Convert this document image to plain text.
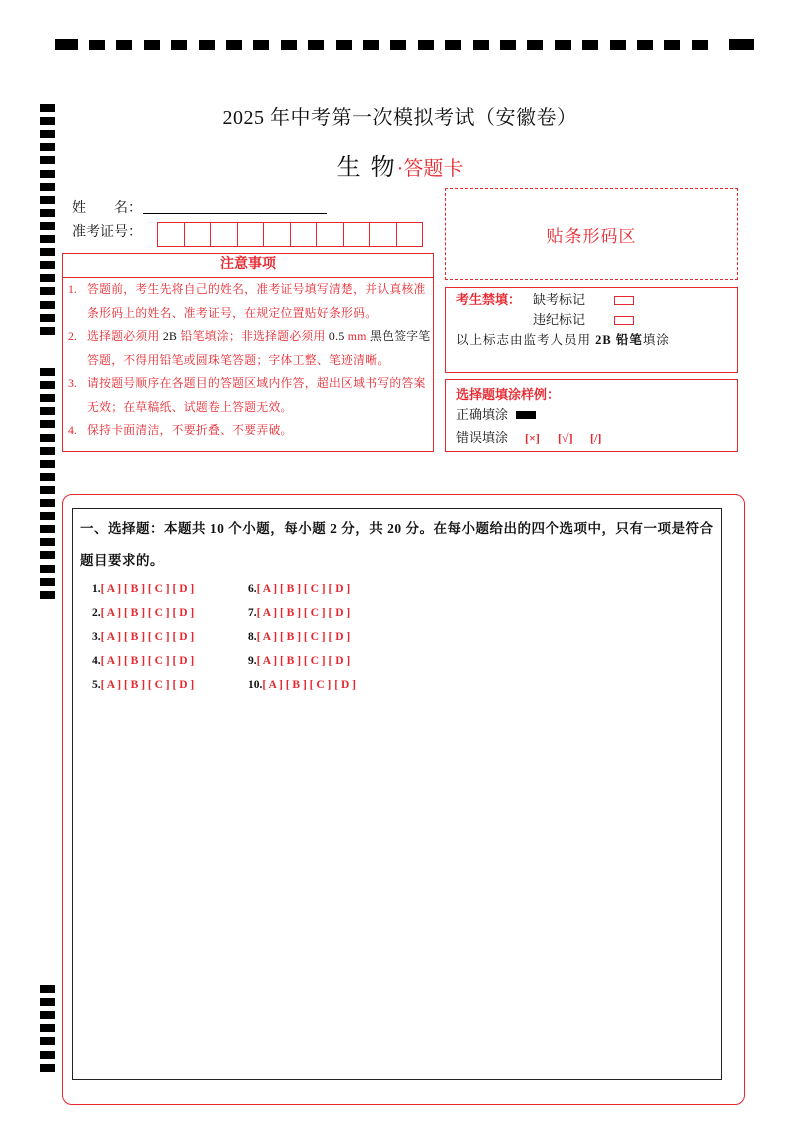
2025 年中考第一次模拟考试（安徽卷）
生 物·答题卡
姓　　名：
准考证号：	贴条形码区
注意事项
1. 答题前，考生先将自己的姓名，准考证号填写清楚，并认真核准
条形码上的姓名、准考证号，在规定位置贴好条形码。
2. 选择题必须用 2B 铅笔填涂；非选择题必须用 0.5 mm 黑色签字笔
答题，不得用铅笔或圆珠笔答题；字体工整、笔迹清晰。
3. 请按题号顺序在各题目的答题区域内作答，超出区域书写的答案
无效；在草稿纸、试题卷上答题无效。
4. 保持卡面清洁，不要折叠、不要弄破。
考生禁填： 缺考标记
违纪标记
以上标志由监考人员用 2B 铅笔填涂
选择题填涂样例：
正确填涂
错误填涂 [×] [√] [/]
一、选择题：本题共 10 个小题，每小题 2 分，共 20 分。在每小题给出的四个选项中，只有一项是符合
题目要求的。
1.[ A ] [ B ] [ C ] [ D ]
2.[ A ] [ B ] [ C ] [ D ]
3.[ A ] [ B ] [ C ] [ D ]
4.[ A ] [ B ] [ C ] [ D ]
5.[ A ] [ B ] [ C ] [ D ]
6.[ A ] [ B ] [ C ] [ D ]
7.[ A ] [ B ] [ C ] [ D ]
8.[ A ] [ B ] [ C ] [ D ]
9.[ A ] [ B ] [ C ] [ D ]
10.[ A ] [ B ] [ C ] [ D ]
